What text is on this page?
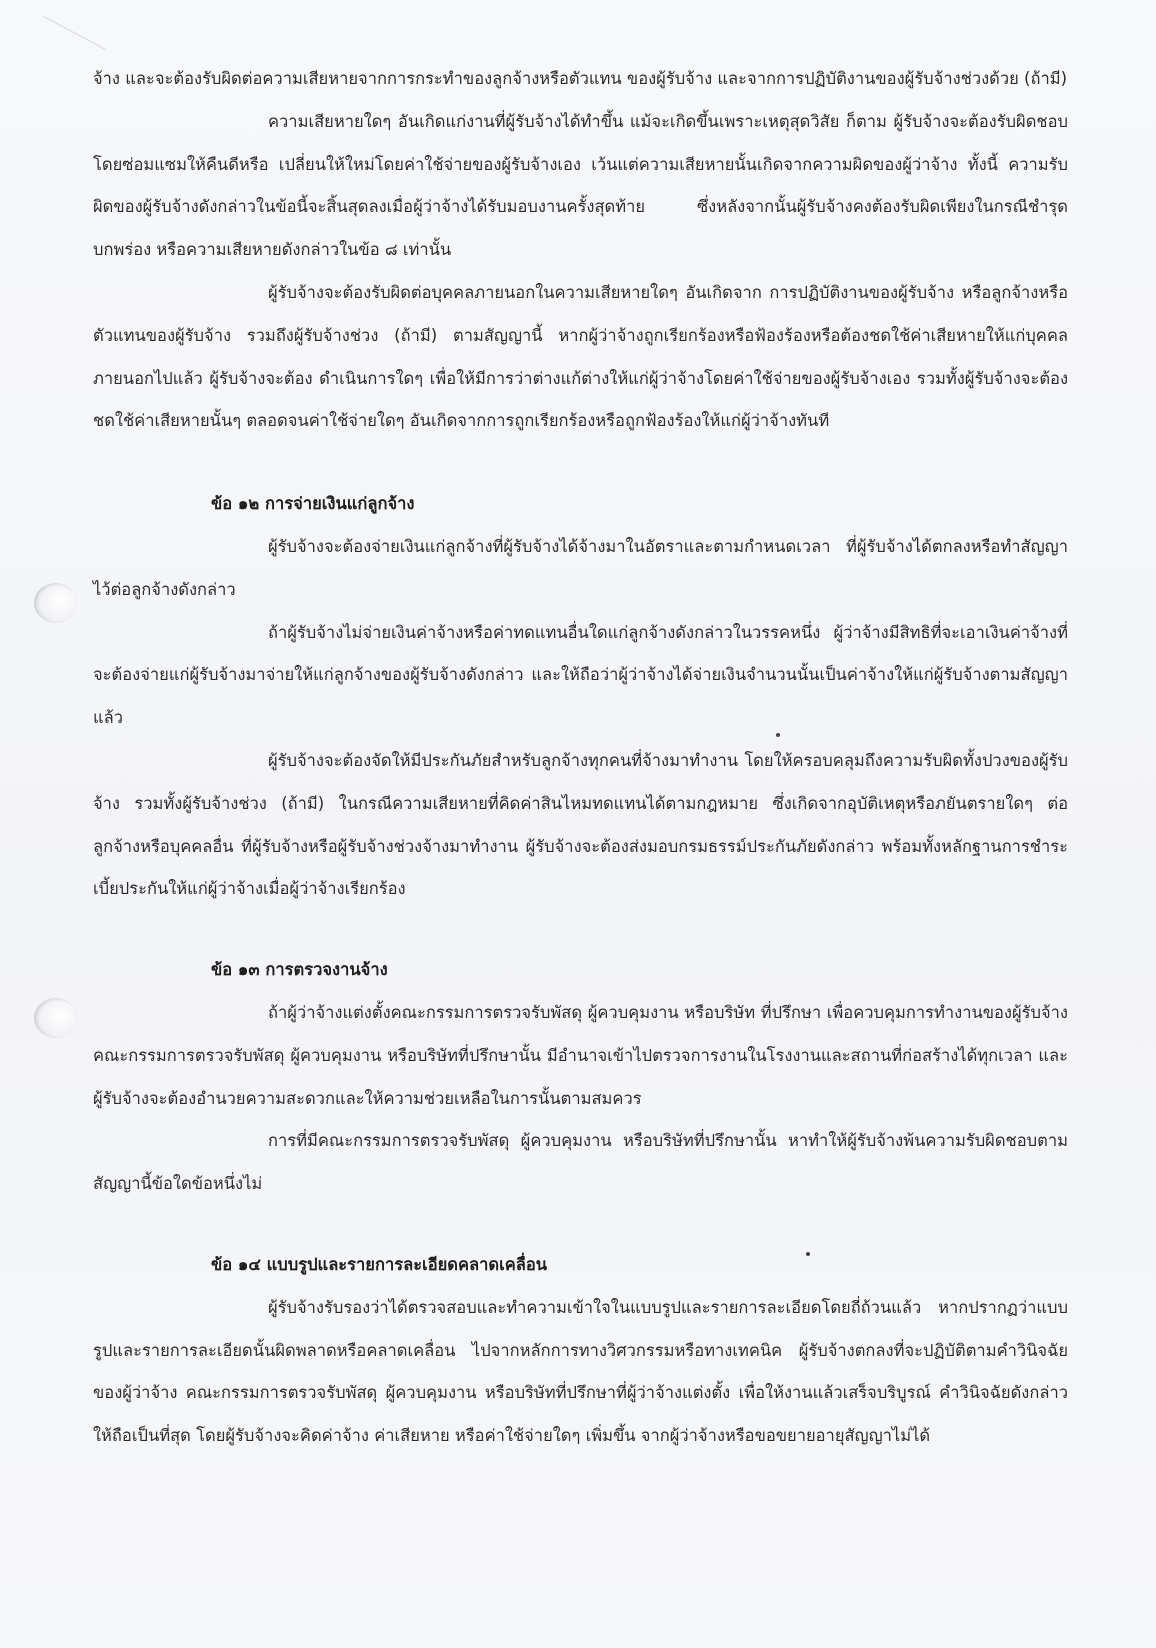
จ้าง และจะต้องรับผิดต่อความเสียหายจากการกระทำของลูกจ้างหรือตัวแทน ของผู้รับจ้าง และจากการปฏิบัติงานของผู้รับจ้างช่วงด้วย (ถ้ามี)

ความเสียหายใดๆ อันเกิดแก่งานที่ผู้รับจ้างได้ทำขึ้น แม้จะเกิดขึ้นเพราะเหตุสุดวิสัย ก็ตาม ผู้รับจ้างจะต้องรับผิดชอบโดยซ่อมแซมให้คืนดีหรือ เปลี่ยนให้ใหม่โดยค่าใช้จ่ายของผู้รับจ้างเอง เว้นแต่ความเสียหายนั้นเกิดจากความผิดของผู้ว่าจ้าง ทั้งนี้ ความรับผิดของผู้รับจ้างดังกล่าวในข้อนี้จะสิ้นสุดลงเมื่อผู้ว่าจ้างได้รับมอบงานครั้งสุดท้าย ซึ่งหลังจากนั้นผู้รับจ้างคงต้องรับผิดเพียงในกรณีชำรุดบกพร่อง หรือความเสียหายดังกล่าวในข้อ ๘ เท่านั้น

ผู้รับจ้างจะต้องรับผิดต่อบุคคลภายนอกในความเสียหายใดๆ อันเกิดจาก การปฏิบัติงานของผู้รับจ้าง หรือลูกจ้างหรือตัวแทนของผู้รับจ้าง รวมถึงผู้รับจ้างช่วง (ถ้ามี) ตามสัญญานี้ หากผู้ว่าจ้างถูกเรียกร้องหรือฟ้องร้องหรือต้องชดใช้ค่าเสียหายให้แก่บุคคลภายนอกไปแล้ว ผู้รับจ้างจะต้อง ดำเนินการใดๆ เพื่อให้มีการว่าต่างแก้ต่างให้แก่ผู้ว่าจ้างโดยค่าใช้จ่ายของผู้รับจ้างเอง รวมทั้งผู้รับจ้างจะต้องชดใช้ค่าเสียหายนั้นๆ ตลอดจนค่าใช้จ่ายใดๆ อันเกิดจากการถูกเรียกร้องหรือถูกฟ้องร้องให้แก่ผู้ว่าจ้างทันที

ข้อ ๑๒ การจ่ายเงินแก่ลูกจ้าง

ผู้รับจ้างจะต้องจ่ายเงินแก่ลูกจ้างที่ผู้รับจ้างได้จ้างมาในอัตราและตามกำหนดเวลา ที่ผู้รับจ้างได้ตกลงหรือทำสัญญาไว้ต่อลูกจ้างดังกล่าว

ถ้าผู้รับจ้างไม่จ่ายเงินค่าจ้างหรือค่าทดแทนอื่นใดแก่ลูกจ้างดังกล่าวในวรรคหนึ่ง ผู้ว่าจ้างมีสิทธิที่จะเอาเงินค่าจ้างที่จะต้องจ่ายแก่ผู้รับจ้างมาจ่ายให้แก่ลูกจ้างของผู้รับจ้างดังกล่าว และให้ถือว่าผู้ว่าจ้างได้จ่ายเงินจำนวนนั้นเป็นค่าจ้างให้แก่ผู้รับจ้างตามสัญญาแล้ว

ผู้รับจ้างจะต้องจัดให้มีประกันภัยสำหรับลูกจ้างทุกคนที่จ้างมาทำงาน โดยให้ครอบคลุมถึงความรับผิดทั้งปวงของผู้รับจ้าง รวมทั้งผู้รับจ้างช่วง (ถ้ามี) ในกรณีความเสียหายที่คิดค่าสินไหมทดแทนได้ตามกฎหมาย ซึ่งเกิดจากอุบัติเหตุหรือภยันตรายใดๆ ต่อลูกจ้างหรือบุคคลอื่น ที่ผู้รับจ้างหรือผู้รับจ้างช่วงจ้างมาทำงาน ผู้รับจ้างจะต้องส่งมอบกรมธรรม์ประกันภัยดังกล่าว พร้อมทั้งหลักฐานการชำระเบี้ยประกันให้แก่ผู้ว่าจ้างเมื่อผู้ว่าจ้างเรียกร้อง

ข้อ ๑๓ การตรวจงานจ้าง

ถ้าผู้ว่าจ้างแต่งตั้งคณะกรรมการตรวจรับพัสดุ ผู้ควบคุมงาน หรือบริษัท ที่ปรึกษา เพื่อควบคุมการทำงานของผู้รับจ้าง คณะกรรมการตรวจรับพัสดุ ผู้ควบคุมงาน หรือบริษัทที่ปรึกษานั้น มีอำนาจเข้าไปตรวจการงานในโรงงานและสถานที่ก่อสร้างได้ทุกเวลา และผู้รับจ้างจะต้องอำนวยความสะดวกและให้ความช่วยเหลือในการนั้นตามสมควร

การที่มีคณะกรรมการตรวจรับพัสดุ ผู้ควบคุมงาน หรือบริษัทที่ปรึกษานั้น หาทำให้ผู้รับจ้างพ้นความรับผิดชอบตามสัญญานี้ข้อใดข้อหนึ่งไม่

ข้อ ๑๔ แบบรูปและรายการละเอียดคลาดเคลื่อน

ผู้รับจ้างรับรองว่าได้ตรวจสอบและทำความเข้าใจในแบบรูปและรายการละเอียดโดยถี่ถ้วนแล้ว หากปรากฏว่าแบบรูปและรายการละเอียดนั้นผิดพลาดหรือคลาดเคลื่อน ไปจากหลักการทางวิศวกรรมหรือทางเทคนิค ผู้รับจ้างตกลงที่จะปฏิบัติตามคำวินิจฉัยของผู้ว่าจ้าง คณะกรรมการตรวจรับพัสดุ ผู้ควบคุมงาน หรือบริษัทที่ปรึกษาที่ผู้ว่าจ้างแต่งตั้ง เพื่อให้งานแล้วเสร็จบริบูรณ์ คำวินิจฉัยดังกล่าวให้ถือเป็นที่สุด โดยผู้รับจ้างจะคิดค่าจ้าง ค่าเสียหาย หรือค่าใช้จ่ายใดๆ เพิ่มขึ้น จากผู้ว่าจ้างหรือขอขยายอายุสัญญาไม่ได้
